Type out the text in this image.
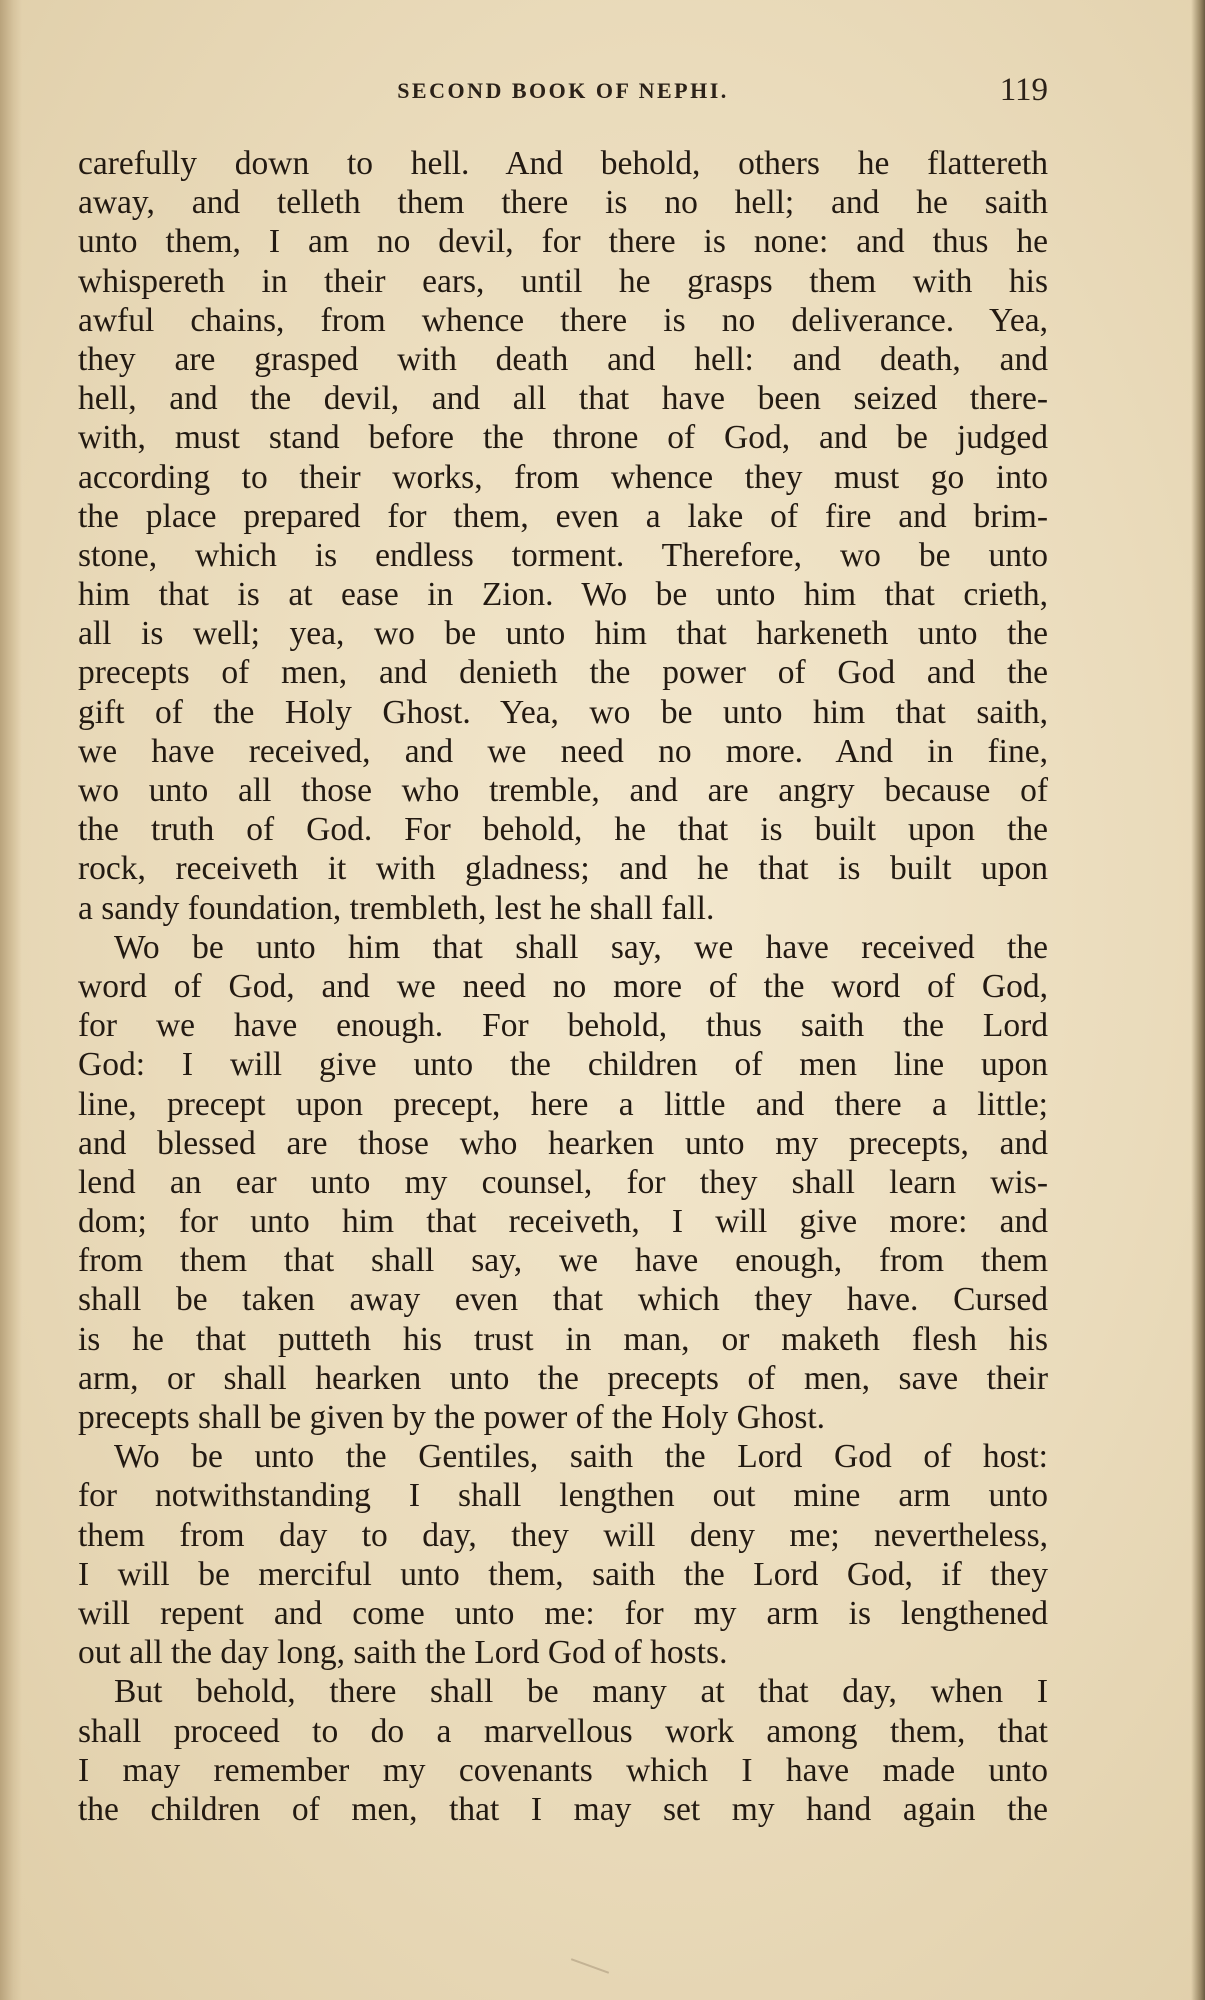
SECOND BOOK OF NEPHI.	119
carefully down to hell. And behold, others he flattereth
away, and telleth them there is no hell; and he saith
unto them, I am no devil, for there is none: and thus he
whispereth in their ears, until he grasps them with his
awful chains, from whence there is no deliverance. Yea,
they are grasped with death and hell: and death, and
hell, and the devil, and all that have been seized there-
with, must stand before the throne of God, and be judged
according to their works, from whence they must go into
the place prepared for them, even a lake of fire and brim-
stone, which is endless torment. Therefore, wo be unto
him that is at ease in Zion. Wo be unto him that crieth,
all is well; yea, wo be unto him that harkeneth unto the
precepts of men, and denieth the power of God and the
gift of the Holy Ghost. Yea, wo be unto him that saith,
we have received, and we need no more. And in fine,
wo unto all those who tremble, and are angry because of
the truth of God. For behold, he that is built upon the
rock, receiveth it with gladness; and he that is built upon
a sandy foundation, trembleth, lest he shall fall.
Wo be unto him that shall say, we have received the
word of God, and we need no more of the word of God,
for we have enough. For behold, thus saith the Lord
God: I will give unto the children of men line upon
line, precept upon precept, here a little and there a little;
and blessed are those who hearken unto my precepts, and
lend an ear unto my counsel, for they shall learn wis-
dom; for unto him that receiveth, I will give more: and
from them that shall say, we have enough, from them
shall be taken away even that which they have. Cursed
is he that putteth his trust in man, or maketh flesh his
arm, or shall hearken unto the precepts of men, save their
precepts shall be given by the power of the Holy Ghost.
Wo be unto the Gentiles, saith the Lord God of host:
for notwithstanding I shall lengthen out mine arm unto
them from day to day, they will deny me; nevertheless,
I will be merciful unto them, saith the Lord God, if they
will repent and come unto me: for my arm is lengthened
out all the day long, saith the Lord God of hosts.
But behold, there shall be many at that day, when I
shall proceed to do a marvellous work among them, that
I may remember my covenants which I have made unto
the children of men, that I may set my hand again the
